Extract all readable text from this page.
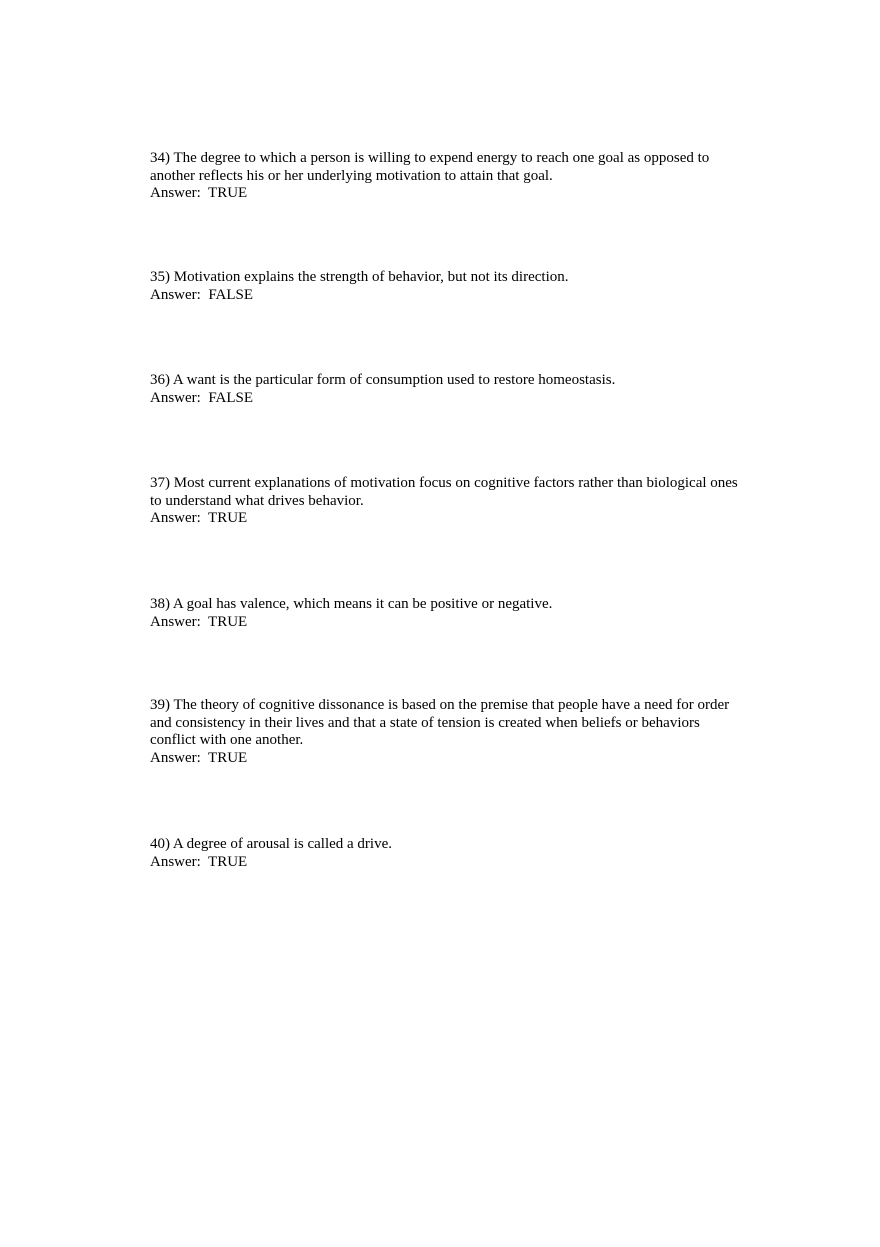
34) The degree to which a person is willing to expend energy to reach one goal as opposed to another reflects his or her underlying motivation to attain that goal.
Answer:  TRUE
35) Motivation explains the strength of behavior, but not its direction.
Answer:  FALSE
36) A want is the particular form of consumption used to restore homeostasis.
Answer:  FALSE
37) Most current explanations of motivation focus on cognitive factors rather than biological ones to understand what drives behavior.
Answer:  TRUE
38) A goal has valence, which means it can be positive or negative.
Answer:  TRUE
39) The theory of cognitive dissonance is based on the premise that people have a need for order and consistency in their lives and that a state of tension is created when beliefs or behaviors conflict with one another.
Answer:  TRUE
40) A degree of arousal is called a drive.
Answer:  TRUE
